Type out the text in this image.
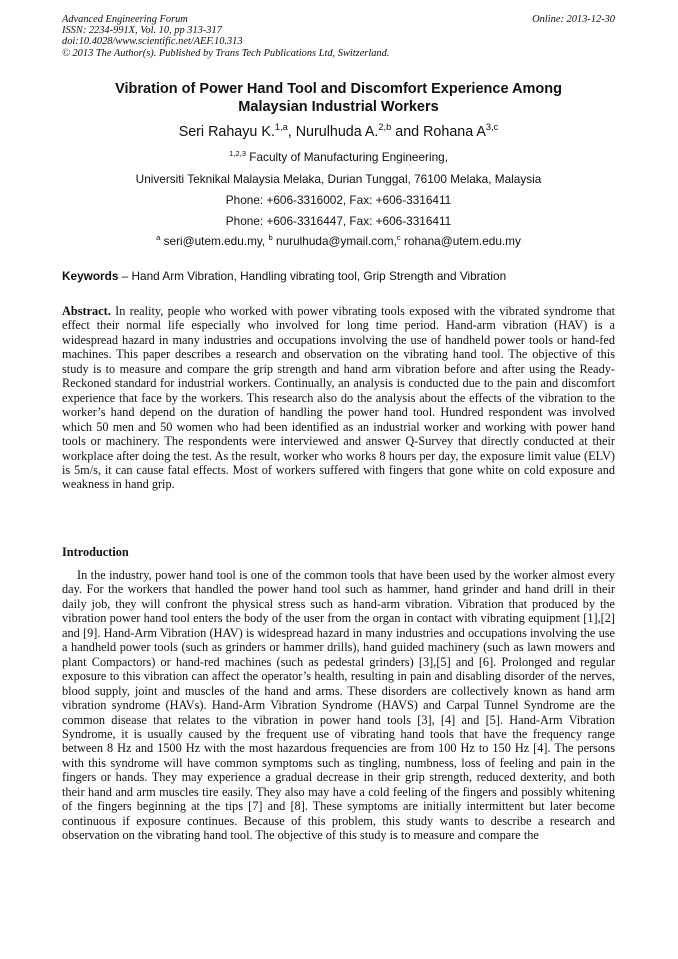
Advanced Engineering Forum
ISSN: 2234-991X, Vol. 10, pp 313-317
doi:10.4028/www.scientific.net/AEF.10.313
© 2013 The Author(s). Published by Trans Tech Publications Ltd, Switzerland.
Online: 2013-12-30
Vibration of Power Hand Tool and Discomfort Experience Among
Malaysian Industrial Workers
Seri Rahayu K.$^{1,a}$, Nurulhuda A.$^{2,b}$ and Rohana A$^{3,c}$
$^{1,2,3}$ Faculty of Manufacturing Engineering,
Universiti Teknikal Malaysia Melaka, Durian Tunggal, 76100 Melaka, Malaysia
Phone: +606-3316002, Fax: +606-3316411
Phone: +606-3316447, Fax: +606-3316411
$^a$ seri@utem.edu.my, $^b$ nurulhuda@ymail.com,$^c$ rohana@utem.edu.my
Keywords – Hand Arm Vibration, Handling vibrating tool, Grip Strength and Vibration
Abstract. In reality, people who worked with power vibrating tools exposed with the vibrated syndrome that effect their normal life especially who involved for long time period. Hand-arm vibration (HAV) is a widespread hazard in many industries and occupations involving the use of handheld power tools or hand-fed machines. This paper describes a research and observation on the vibrating hand tool. The objective of this study is to measure and compare the grip strength and hand arm vibration before and after using the Ready-Reckoned standard for industrial workers. Continually, an analysis is conducted due to the pain and discomfort experience that face by the workers. This research also do the analysis about the effects of the vibration to the worker’s hand depend on the duration of handling the power hand tool. Hundred respondent was involved which 50 men and 50 women who had been identified as an industrial worker and working with power hand tools or machinery. The respondents were interviewed and answer Q-Survey that directly conducted at their workplace after doing the test. As the result, worker who works 8 hours per day, the exposure limit value (ELV) is 5m/s, it can cause fatal effects. Most of workers suffered with fingers that gone white on cold exposure and weakness in hand grip.
Introduction
In the industry, power hand tool is one of the common tools that have been used by the worker almost every day. For the workers that handled the power hand tool such as hammer, hand grinder and hand drill in their daily job, they will confront the physical stress such as hand-arm vibration. Vibration that produced by the vibration power hand tool enters the body of the user from the organ in contact with vibrating equipment [1],[2] and [9]. Hand-Arm Vibration (HAV) is widespread hazard in many industries and occupations involving the use a handheld power tools (such as grinders or hammer drills), hand guided machinery (such as lawn mowers and plant Compactors) or hand-red machines (such as pedestal grinders) [3],[5] and [6]. Prolonged and regular exposure to this vibration can affect the operator’s health, resulting in pain and disabling disorder of the nerves, blood supply, joint and muscles of the hand and arms. These disorders are collectively known as hand arm vibration syndrome (HAVs). Hand-Arm Vibration Syndrome (HAVS) and Carpal Tunnel Syndrome are the common disease that relates to the vibration in power hand tools [3], [4] and [5]. Hand-Arm Vibration Syndrome, it is usually caused by the frequent use of vibrating hand tools that have the frequency range between 8 Hz and 1500 Hz with the most hazardous frequencies are from 100 Hz to 150 Hz [4]. The persons with this syndrome will have common symptoms such as tingling, numbness, loss of feeling and pain in the fingers or hands. They may experience a gradual decrease in their grip strength, reduced dexterity, and both their hand and arm muscles tire easily. They also may have a cold feeling of the fingers and possibly whitening of the fingers beginning at the tips [7] and [8]. These symptoms are initially intermittent but later become continuous if exposure continues. Because of this problem, this study wants to describe a research and observation on the vibrating hand tool. The objective of this study is to measure and compare the
